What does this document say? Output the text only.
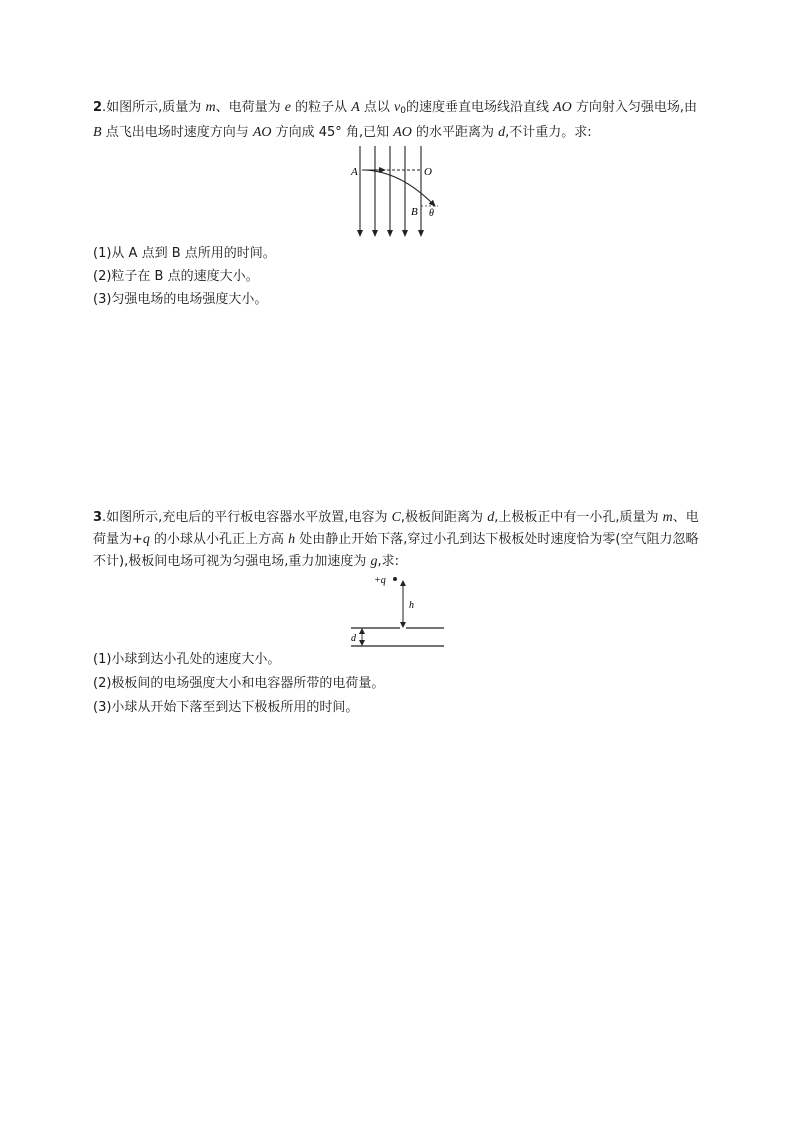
2.如图所示,质量为 m、电荷量为 e 的粒子从 A 点以 $v_0$的速度垂直电场线沿直线 AO 方向射入匀强电场,由 B 点飞出电场时速度方向与 AO 方向成 45° 角,已知 AO 的水平距离为 d,不计重力。求:

A	O
B θ

(1)从 A 点到 B 点所用的时间。

(2)粒子在 B 点的速度大小。

(3)匀强电场的电场强度大小。

3.如图所示,充电后的平行板电容器水平放置,电容为 C,极板间距离为 d,上极板正中有一小孔,质量为 m、电荷量为+q 的小球从小孔正上方高 h 处由静止开始下落,穿过小孔到达下极板处时速度恰为零(空气阻力忽略不计),极板间电场可视为匀强电场,重力加速度为 g,求:

+q
h
d

(1)小球到达小孔处的速度大小。

(2)极板间的电场强度大小和电容器所带的电荷量。

(3)小球从开始下落至到达下极板所用的时间。
